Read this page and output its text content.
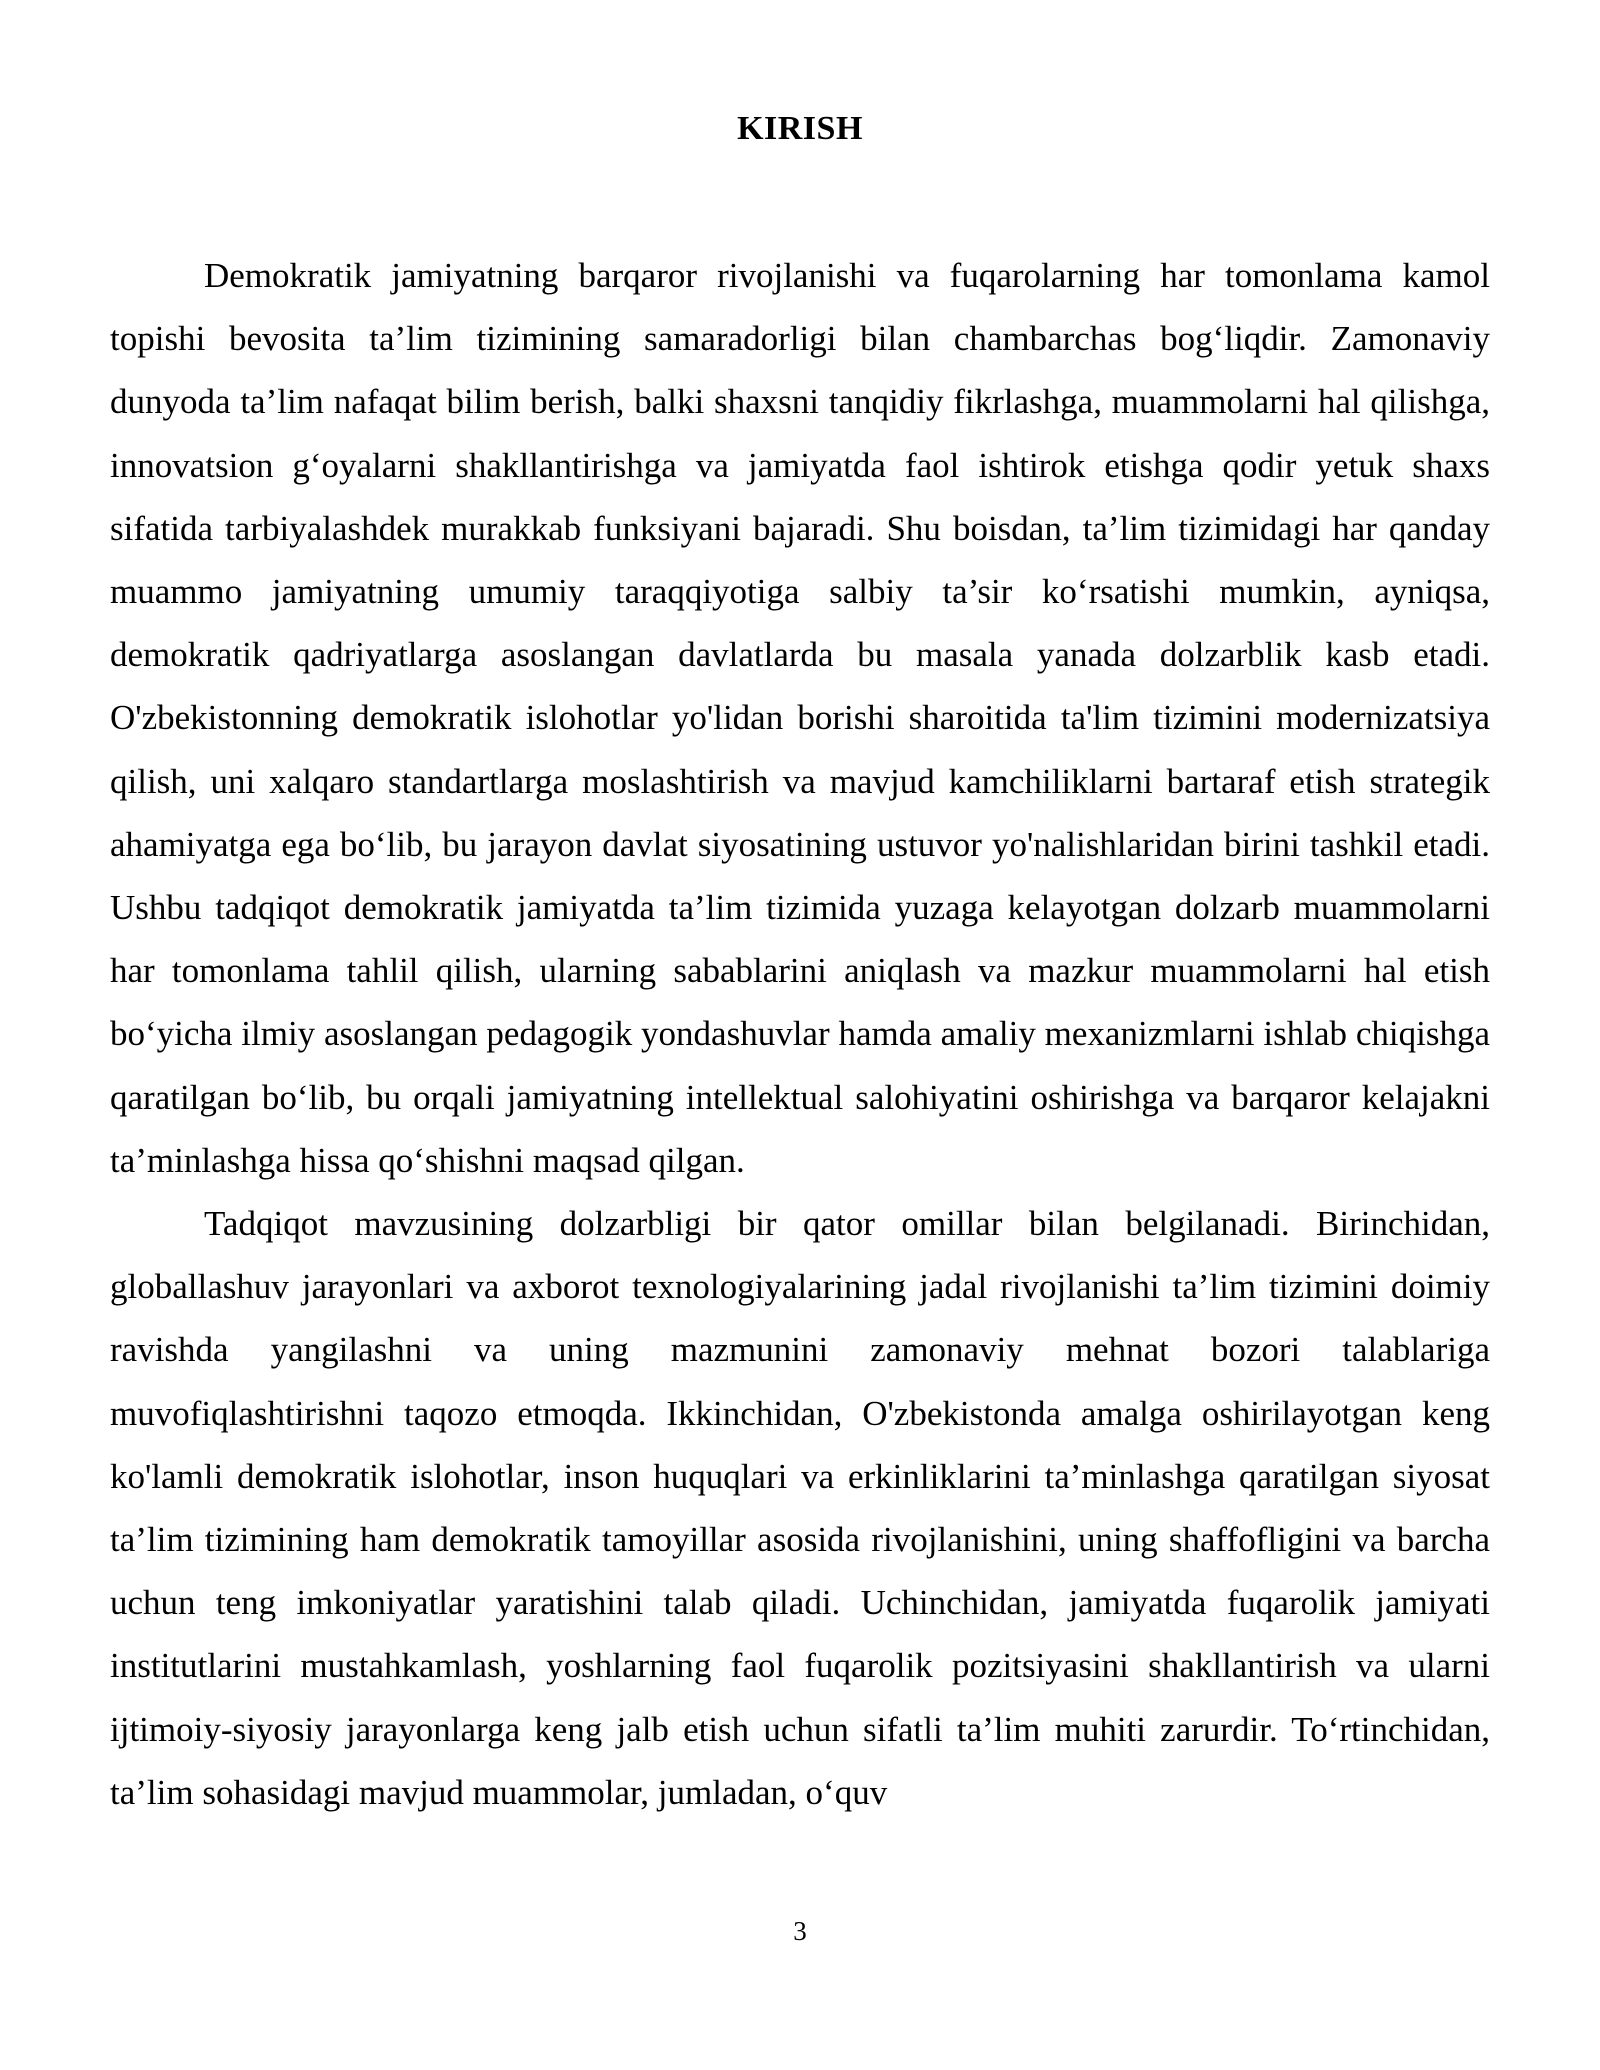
KIRISH

Demokratik jamiyatning barqaror rivojlanishi va fuqarolarning har tomonlama kamol topishi bevosita ta’lim tizimining samaradorligi bilan chambarchas bog‘liqdir. Zamonaviy dunyoda ta’lim nafaqat bilim berish, balki shaxsni tanqidiy fikrlashga, muammolarni hal qilishga, innovatsion g‘oyalarni shakllantirishga va jamiyatda faol ishtirok etishga qodir yetuk shaxs sifatida tarbiyalashdek murakkab funksiyani bajaradi. Shu boisdan, ta’lim tizimidagi har qanday muammo jamiyatning umumiy taraqqiyotiga salbiy ta’sir ko‘rsatishi mumkin, ayniqsa, demokratik qadriyatlarga asoslangan davlatlarda bu masala yanada dolzarblik kasb etadi. O'zbekistonning demokratik islohotlar yo'lidan borishi sharoitida ta'lim tizimini modernizatsiya qilish, uni xalqaro standartlarga moslashtirish va mavjud kamchiliklarni bartaraf etish strategik ahamiyatga ega bo‘lib, bu jarayon davlat siyosatining ustuvor yo'nalishlaridan birini tashkil etadi. Ushbu tadqiqot demokratik jamiyatda ta’lim tizimida yuzaga kelayotgan dolzarb muammolarni har tomonlama tahlil qilish, ularning sabablarini aniqlash va mazkur muammolarni hal etish bo‘yicha ilmiy asoslangan pedagogik yondashuvlar hamda amaliy mexanizmlarni ishlab chiqishga qaratilgan bo‘lib, bu orqali jamiyatning intellektual salohiyatini oshirishga va barqaror kelajakni ta’minlashga hissa qo‘shishni maqsad qilgan.

Tadqiqot mavzusining dolzarbligi bir qator omillar bilan belgilanadi. Birinchidan, globallashuv jarayonlari va axborot texnologiyalarining jadal rivojlanishi ta’lim tizimini doimiy ravishda yangilashni va uning mazmunini zamonaviy mehnat bozori talablariga muvofiqlashtirishni taqozo etmoqda. Ikkinchidan, O'zbekistonda amalga oshirilayotgan keng ko'lamli demokratik islohotlar, inson huquqlari va erkinliklarini ta’minlashga qaratilgan siyosat ta’lim tizimining ham demokratik tamoyillar asosida rivojlanishini, uning shaffofligini va barcha uchun teng imkoniyatlar yaratishini talab qiladi. Uchinchidan, jamiyatda fuqarolik jamiyati institutlarini mustahkamlash, yoshlarning faol fuqarolik pozitsiyasini shakllantirish va ularni ijtimoiy-siyosiy jarayonlarga keng jalb etish uchun sifatli ta’lim muhiti zarurdir. To‘rtinchidan, ta’lim sohasidagi mavjud muammolar, jumladan, o‘quv

3
